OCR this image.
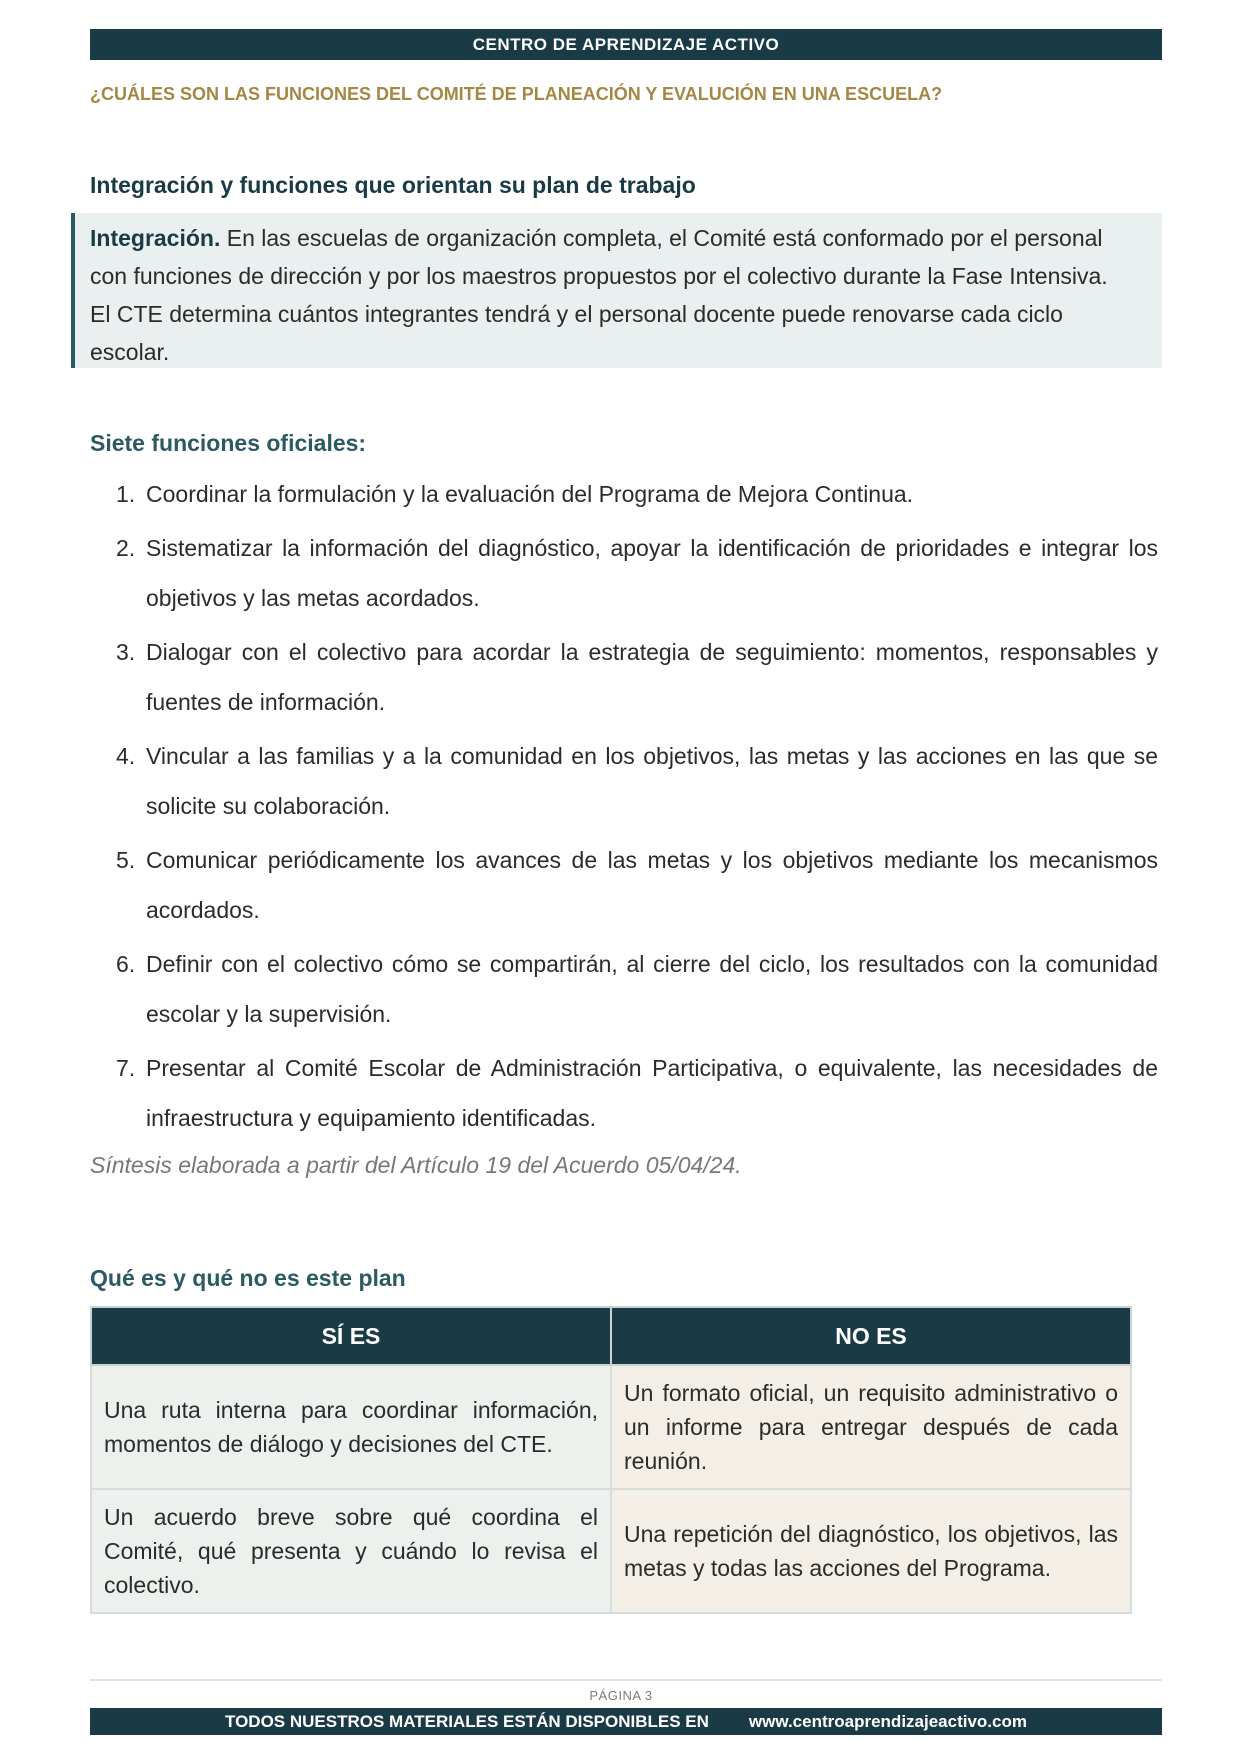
CENTRO DE APRENDIZAJE ACTIVO
¿CUÁLES SON LAS FUNCIONES DEL COMITÉ DE PLANEACIÓN Y EVALUCIÓN EN UNA ESCUELA?
Integración y funciones que orientan su plan de trabajo
Integración. En las escuelas de organización completa, el Comité está conformado por el personal con funciones de dirección y por los maestros propuestos por el colectivo durante la Fase Intensiva. El CTE determina cuántos integrantes tendrá y el personal docente puede renovarse cada ciclo escolar.
Siete funciones oficiales:
1. Coordinar la formulación y la evaluación del Programa de Mejora Continua.
2. Sistematizar la información del diagnóstico, apoyar la identificación de prioridades e integrar los objetivos y las metas acordados.
3. Dialogar con el colectivo para acordar la estrategia de seguimiento: momentos, responsables y fuentes de información.
4. Vincular a las familias y a la comunidad en los objetivos, las metas y las acciones en las que se solicite su colaboración.
5. Comunicar periódicamente los avances de las metas y los objetivos mediante los mecanismos acordados.
6. Definir con el colectivo cómo se compartirán, al cierre del ciclo, los resultados con la comunidad escolar y la supervisión.
7. Presentar al Comité Escolar de Administración Participativa, o equivalente, las necesidades de infraestructura y equipamiento identificadas.
Síntesis elaborada a partir del Artículo 19 del Acuerdo 05/04/24.
Qué es y qué no es este plan
SÍ ES	NO ES
Una ruta interna para coordinar información, momentos de diálogo y decisiones del CTE.	Un formato oficial, un requisito administrativo o un informe para entregar después de cada reunión.
Un acuerdo breve sobre qué coordina el Comité, qué presenta y cuándo lo revisa el colectivo.	Una repetición del diagnóstico, los objetivos, las metas y todas las acciones del Programa.
PÁGINA 3
TODOS NUESTROS MATERIALES ESTÁN DISPONIBLES EN www.centroaprendizajeactivo.com
